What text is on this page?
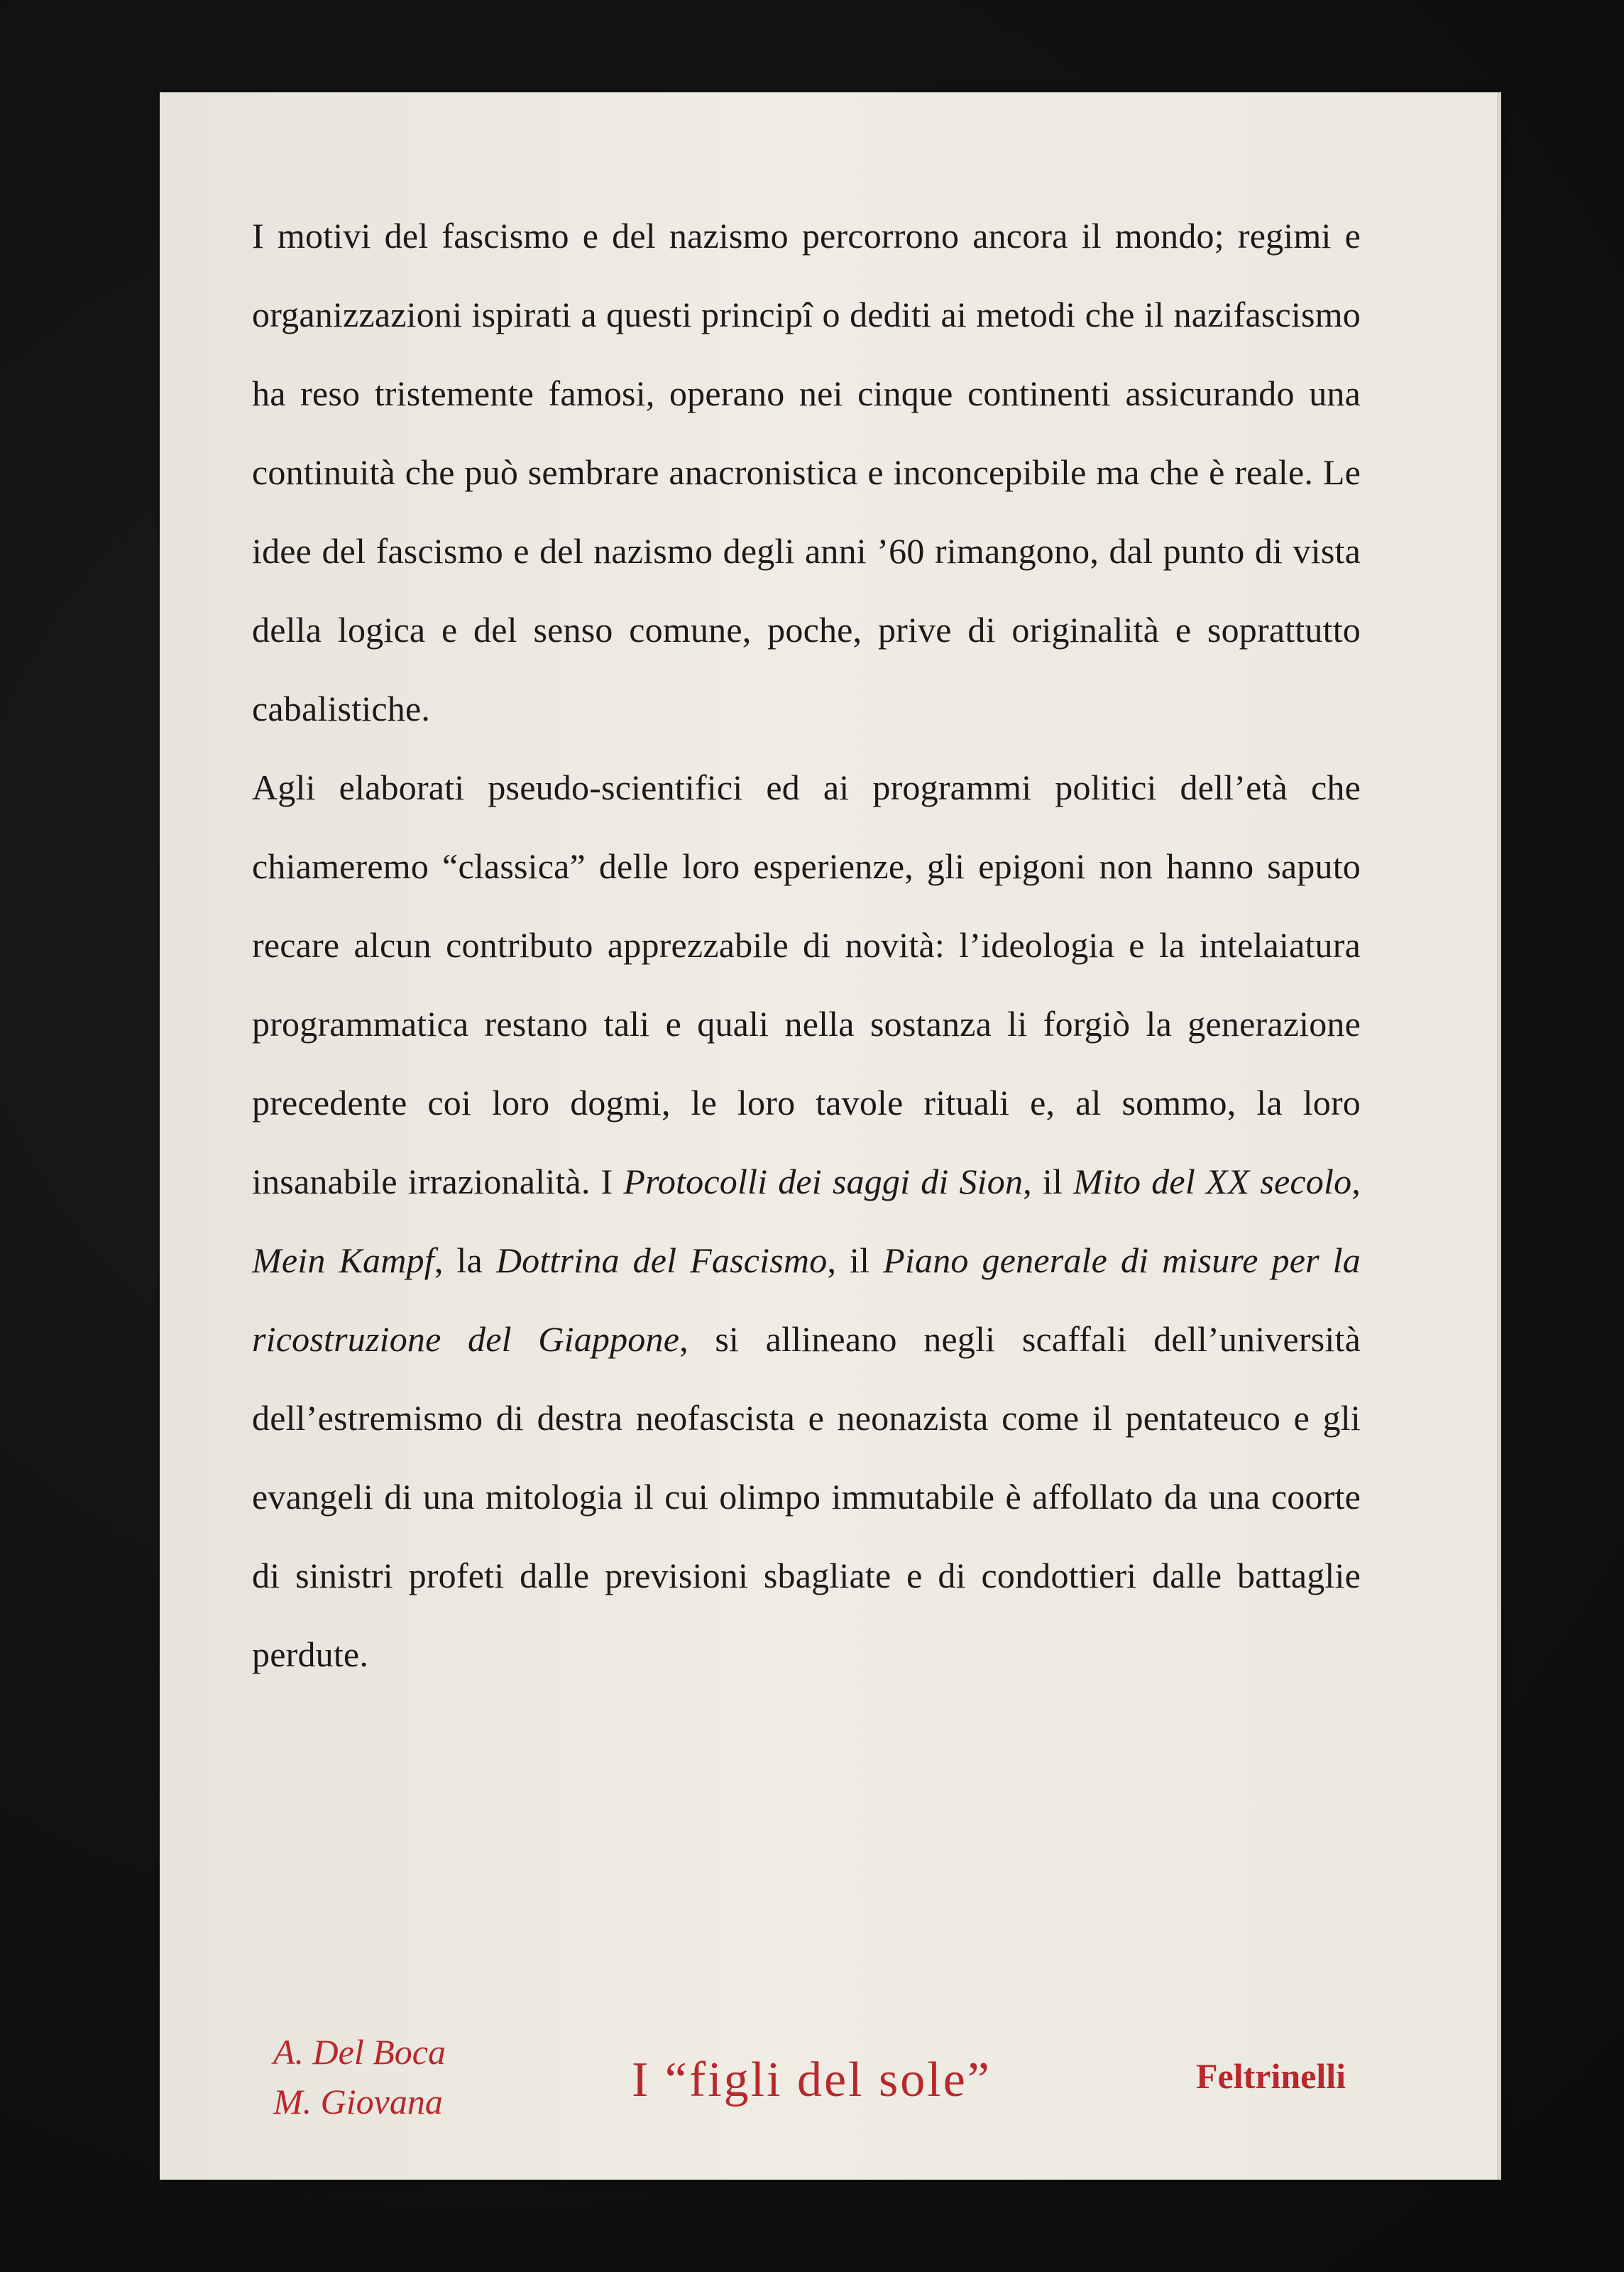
I motivi del fascismo e del nazismo percorrono ancora il mondo; regimi e organizzazioni ispirati a questi principî o dediti ai metodi che il nazifascismo ha reso tristemente famosi, operano nei cinque continenti assicurando una continuità che può sembrare anacronistica e inconcepibile ma che è reale. Le idee del fascismo e del nazismo degli anni ’60 rimangono, dal punto di vista della logica e del senso comune, poche, prive di originalità e soprattutto cabalistiche.

Agli elaborati pseudo-scientifici ed ai programmi politici dell’età che chiameremo “classica” delle loro esperienze, gli epigoni non hanno saputo recare alcun contributo apprezzabile di novità: l’ideologia e la intelaiatura programmatica restano tali e quali nella sostanza li forgiò la generazione precedente coi loro dogmi, le loro tavole rituali e, al sommo, la loro insanabile irrazionalità. I Protocolli dei saggi di Sion, il Mito del XX secolo, Mein Kampf, la Dottrina del Fascismo, il Piano generale di misure per la ricostruzione del Giappone, si allineano negli scaffali dell’università dell’estremismo di destra neofascista e neonazista come il pentateuco e gli evangeli di una mitologia il cui olimpo immutabile è affollato da una coorte di sinistri profeti dalle previsioni sbagliate e di condottieri dalle battaglie perdute.

A. Del Boca
M. Giovana	I “figli del sole”	Feltrinelli
